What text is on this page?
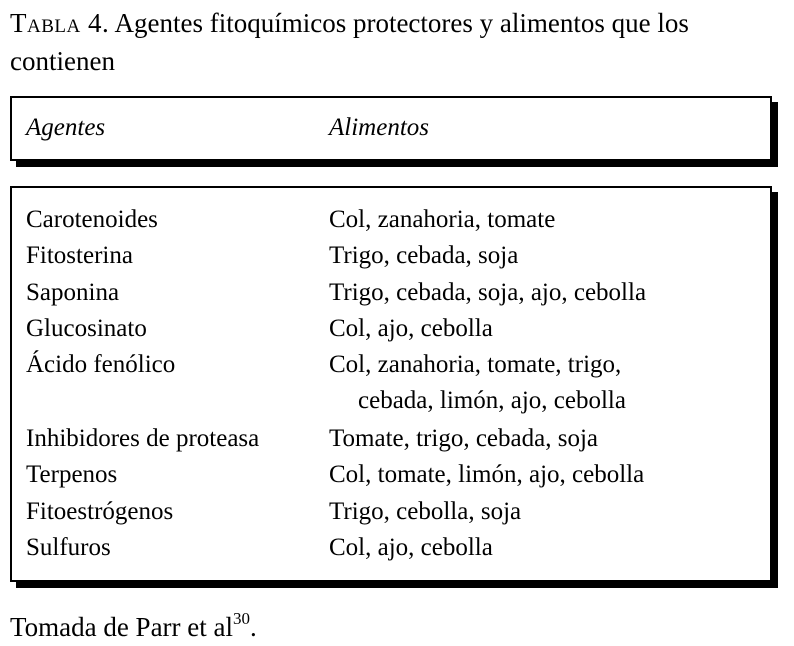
Tabla 4. Agentes fitoquímicos protectores y alimentos que los contienen
Agentes	Alimentos
Carotenoides	Col, zanahoria, tomate
Fitosterina	Trigo, cebada, soja
Saponina	Trigo, cebada, soja, ajo, cebolla
Glucosinato	Col, ajo, cebolla
Ácido fenólico	Col, zanahoria, tomate, trigo,
cebada, limón, ajo, cebolla
Inhibidores de proteasa	Tomate, trigo, cebada, soja
Terpenos	Col, tomate, limón, ajo, cebolla
Fitoestrógenos	Trigo, cebolla, soja
Sulfuros	Col, ajo, cebolla
Tomada de Parr et $al^{30}$.
